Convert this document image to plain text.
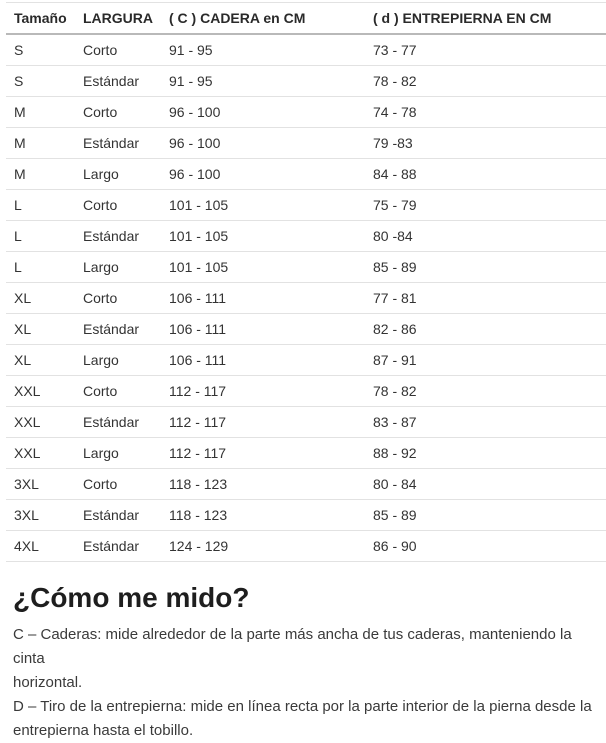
Tamaño	LARGURA	( C ) CADERA en CM	( d ) ENTREPIERNA EN CM
S	Corto	91 - 95	73 - 77
S	Estándar	91 - 95	78 - 82
M	Corto	96 - 100	74 - 78
M	Estándar	96 - 100	79 -83
M	Largo	96 - 100	84 - 88
L	Corto	101 - 105	75 - 79
L	Estándar	101 - 105	80 -84
L	Largo	101 - 105	85 - 89
XL	Corto	106 - 111	77 - 81
XL	Estándar	106 - 111	82 - 86
XL	Largo	106 - 111	87 - 91
XXL	Corto	112 - 117	78 - 82
XXL	Estándar	112 - 117	83 - 87
XXL	Largo	112 - 117	88 - 92
3XL	Corto	118 - 123	80 - 84
3XL	Estándar	118 - 123	85 - 89
4XL	Estándar	124 - 129	86 - 90
¿Cómo me mido?
C – Caderas: mide alrededor de la parte más ancha de tus caderas, manteniendo la cinta
horizontal.
D – Tiro de la entrepierna: mide en línea recta por la parte interior de la pierna desde la
entrepierna hasta el tobillo.
